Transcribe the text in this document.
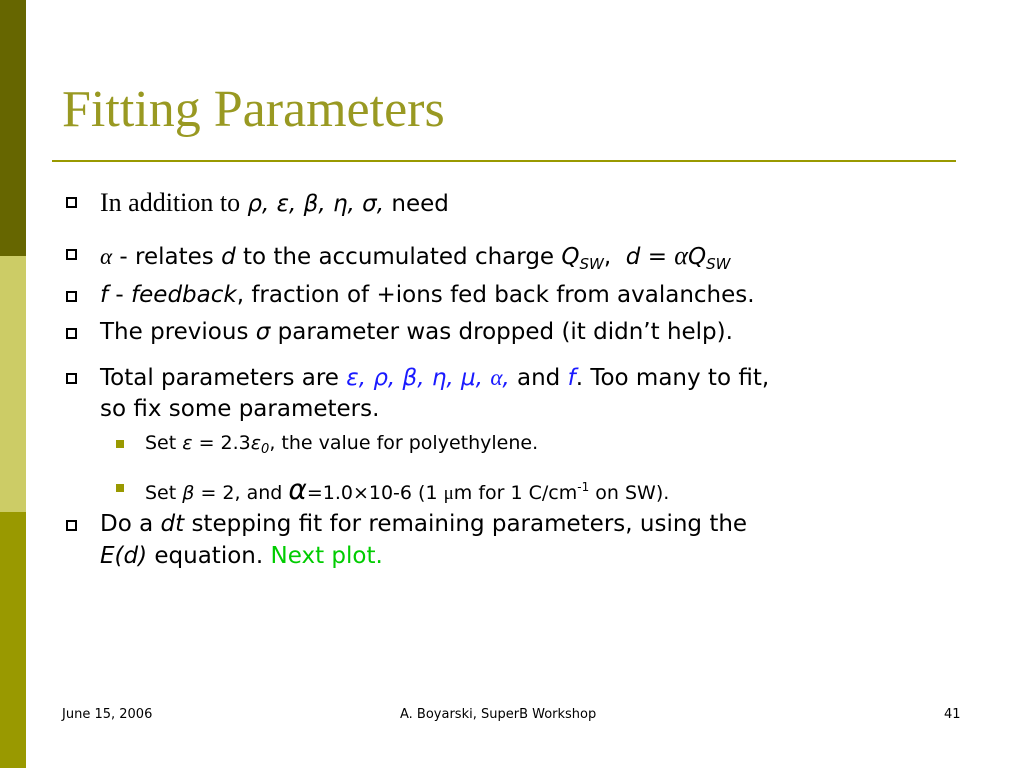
Fitting Parameters
In addition to ρ, ε, β, η, σ, need
α - relates d to the accumulated charge $Q_{SW}$, $d = \alpha Q_{SW}$
f - feedback, fraction of +ions fed back from avalanches.
The previous σ parameter was dropped (it didn’t help).
Total parameters are ε, ρ, β, η, μ, α, and f. Too many to fit,
so fix some parameters.
Set $\varepsilon = 2.3\varepsilon_0$, the value for polyethylene.
Set β = 2, and α=1.0×10-6 (1 μm for 1 $C/cm^{-1}$ on SW).
Do a dt stepping fit for remaining parameters, using the
E(d) equation. Next plot.
June 15, 2006	A. Boyarski, SuperB Workshop	41
